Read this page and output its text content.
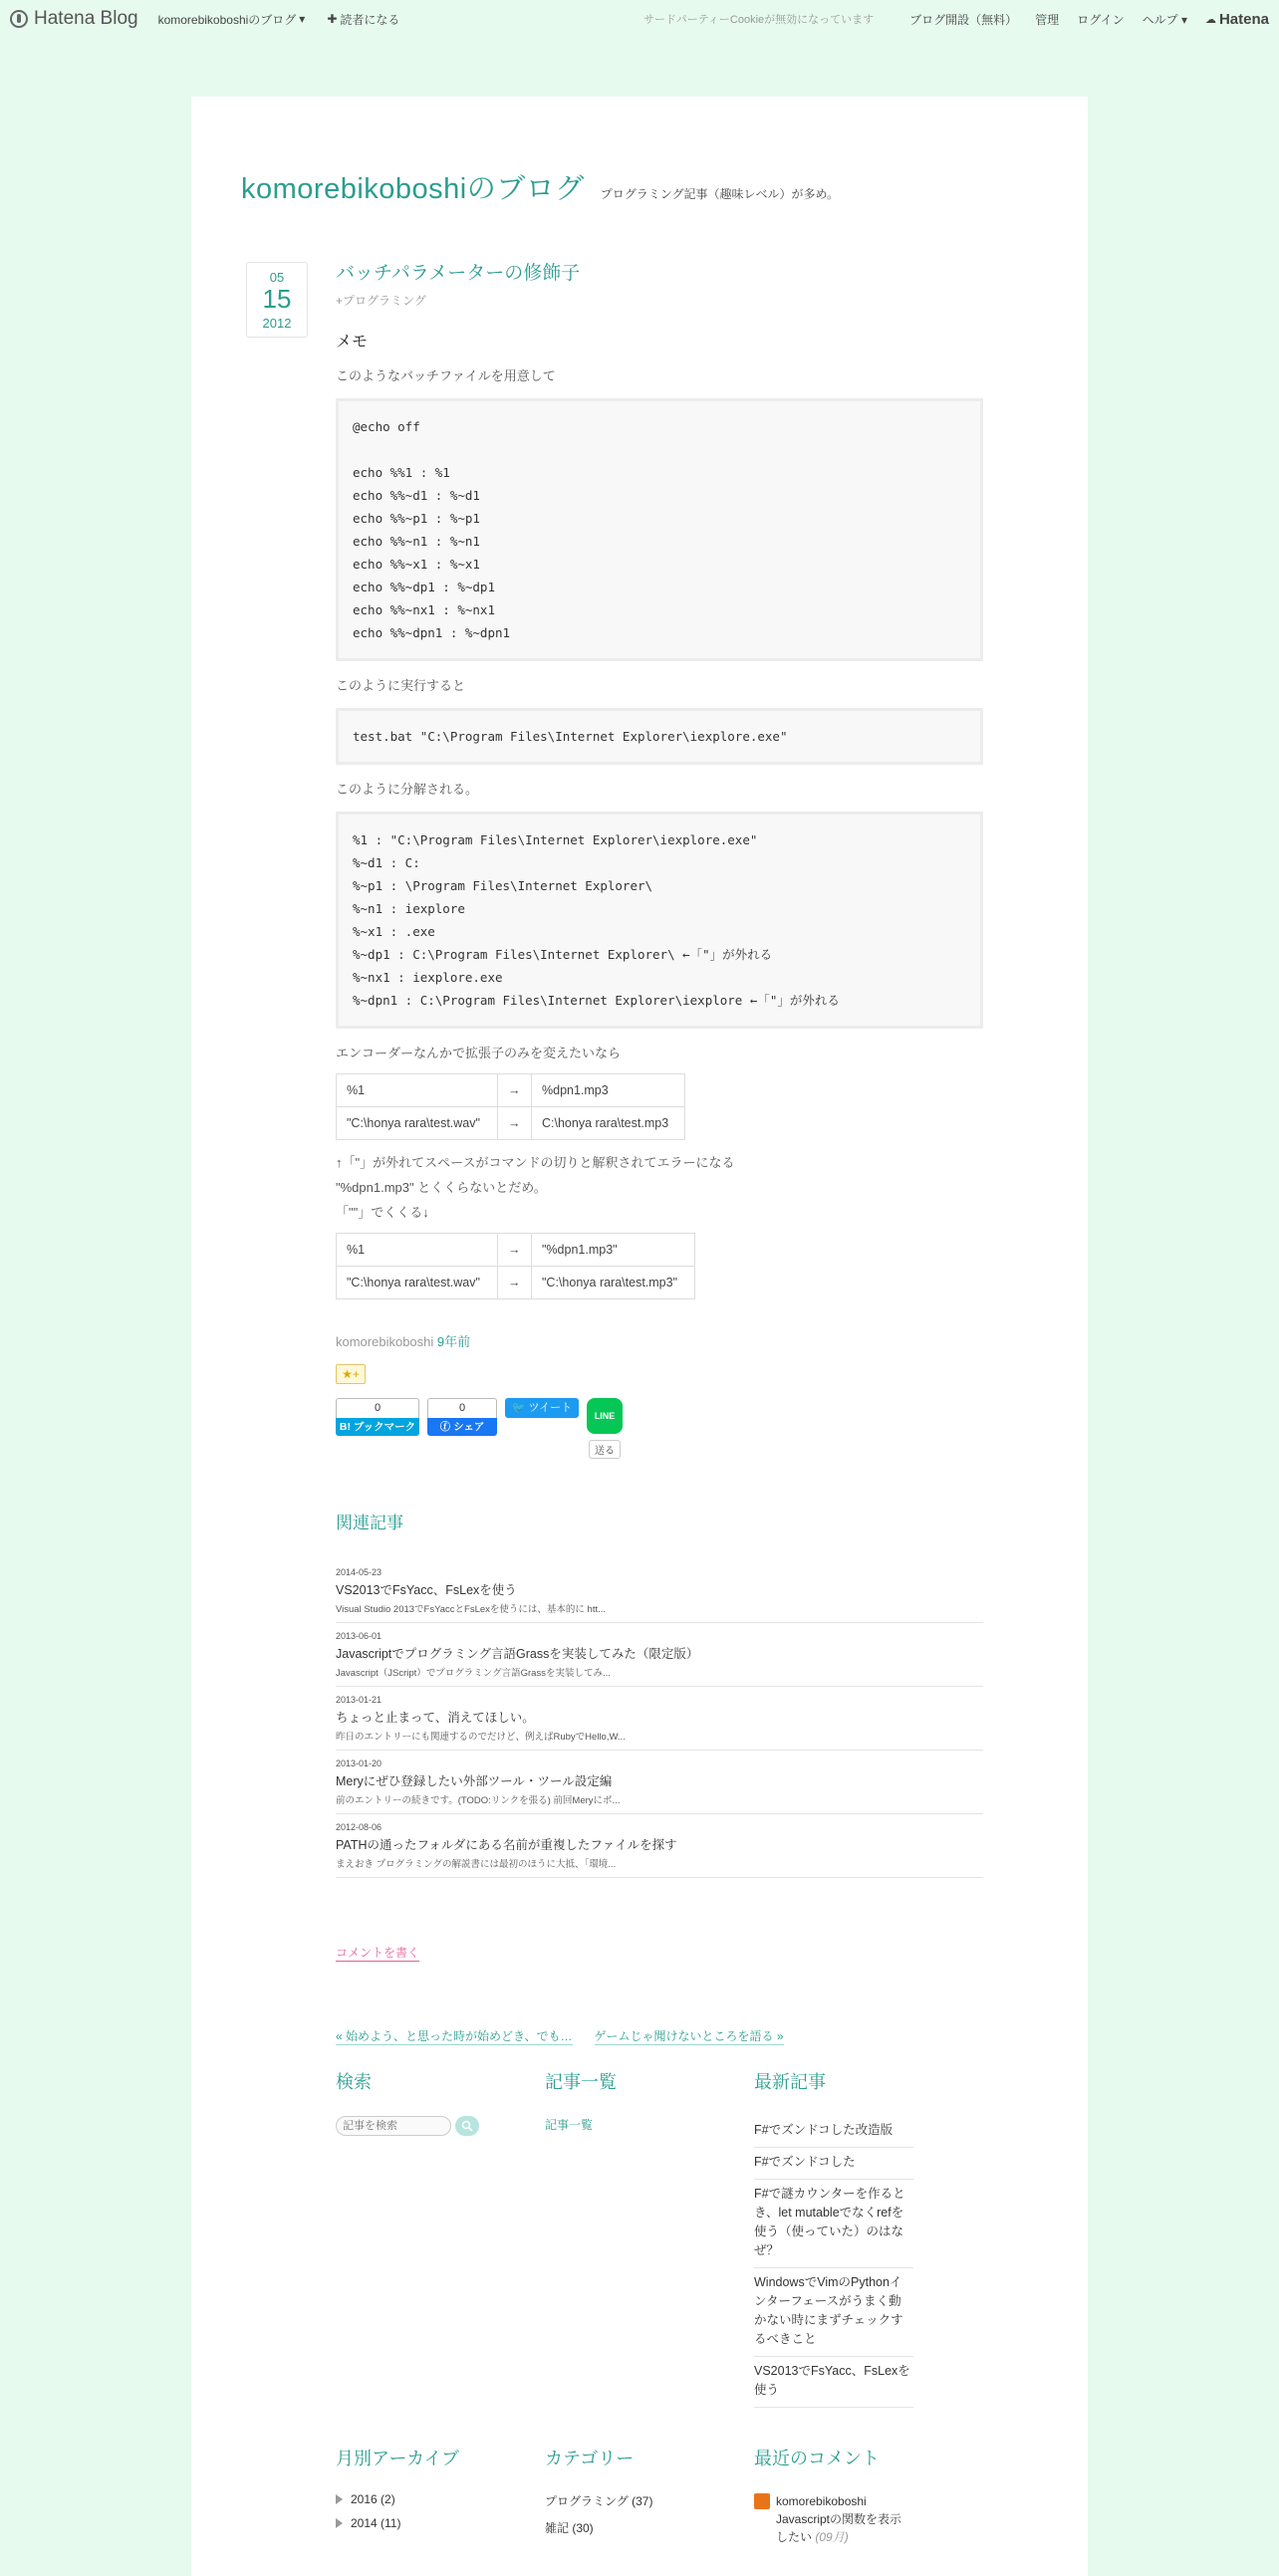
Hatena Blog komorebikoboshiのブログ ▾ ✚ 読者になる	サードパーティーCookieが無効になっています	ブログ開設（無料） 管理 ログイン ヘルプ ▾ ☁ Hatena
komorebikoboshiのブログ プログラミング記事（趣味レベル）が多め。
05
15
2012
バッチパラメーターの修飾子
+プログラミング
メモ
このようなバッチファイルを用意して
@echo off

echo %%1 : %1
echo %%~d1 : %~d1
echo %%~p1 : %~p1
echo %%~n1 : %~n1
echo %%~x1 : %~x1
echo %%~dp1 : %~dp1
echo %%~nx1 : %~nx1
echo %%~dpn1 : %~dpn1
このように実行すると
test.bat "C:\Program Files\Internet Explorer\iexplore.exe"
このように分解される。
%1 : "C:\Program Files\Internet Explorer\iexplore.exe"
%~d1 : C:
%~p1 : \Program Files\Internet Explorer\
%~n1 : iexplore
%~x1 : .exe
%~dp1 : C:\Program Files\Internet Explorer\ ←「"」が外れる
%~nx1 : iexplore.exe
%~dpn1 : C:\Program Files\Internet Explorer\iexplore ←「"」が外れる
エンコーダーなんかで拡張子のみを変えたいなら
%1	→	%dpn1.mp3
"C:\honya rara\test.wav"	→	C:\honya rara\test.mp3
↑「"」が外れてスペースがコマンドの切りと解釈されてエラーになる
"%dpn1.mp3" とくくらないとだめ。
「""」でくくる↓
%1	→	"%dpn1.mp3"
"C:\honya rara\test.wav"	→	"C:\honya rara\test.mp3"
komorebikoboshi 9年前
★+
0
B! ブックマーク
0
ⓕ シェア
🐦 ツイート
LINE
送る
関連記事
2014-05-23
VS2013でFsYacc、FsLexを使う
Visual Studio 2013でFsYaccとFsLexを使うには、基本的に htt...
2013-06-01
Javascriptでプログラミング言語Grassを実装してみた（限定版）
Javascript（JScript）でプログラミング言語Grassを実装してみ...
2013-01-21
ちょっと止まって、消えてほしい。
昨日のエントリーにも関連するのでだけど、例えばRubyでHello,W...
2013-01-20
Meryにぜひ登録したい外部ツール・ツール設定編
前のエントリーの続きです。(TODO:リンクを張る) 前回Meryにボ...
2012-08-06
PATHの通ったフォルダにある名前が重複したファイルを探す
まえおき プログラミングの解説書には最初のほうに大抵、「環境...
コメントを書く
« 始めよう、と思った時が始めどき、でも… ゲームじゃ聞けないところを語る »
検索
記事を検索	記事一覧
記事一覧
最新記事
F#でズンドコした改造版
F#でズンドコした
F#で謎カウンターを作るとき、let mutableでなくrefを使う（使っていた）のはなぜ？
WindowsでVimのPythonインターフェースがうまく動かない時にまずチェックするべきこと
VS2013でFsYacc、FsLexを使う
月別アーカイブ
2016 (2)
2014 (11)
カテゴリー
プログラミング (37)
雑記 (30)
最近のコメント
komorebikoboshi Javascriptの関数を表示したい (09月)
